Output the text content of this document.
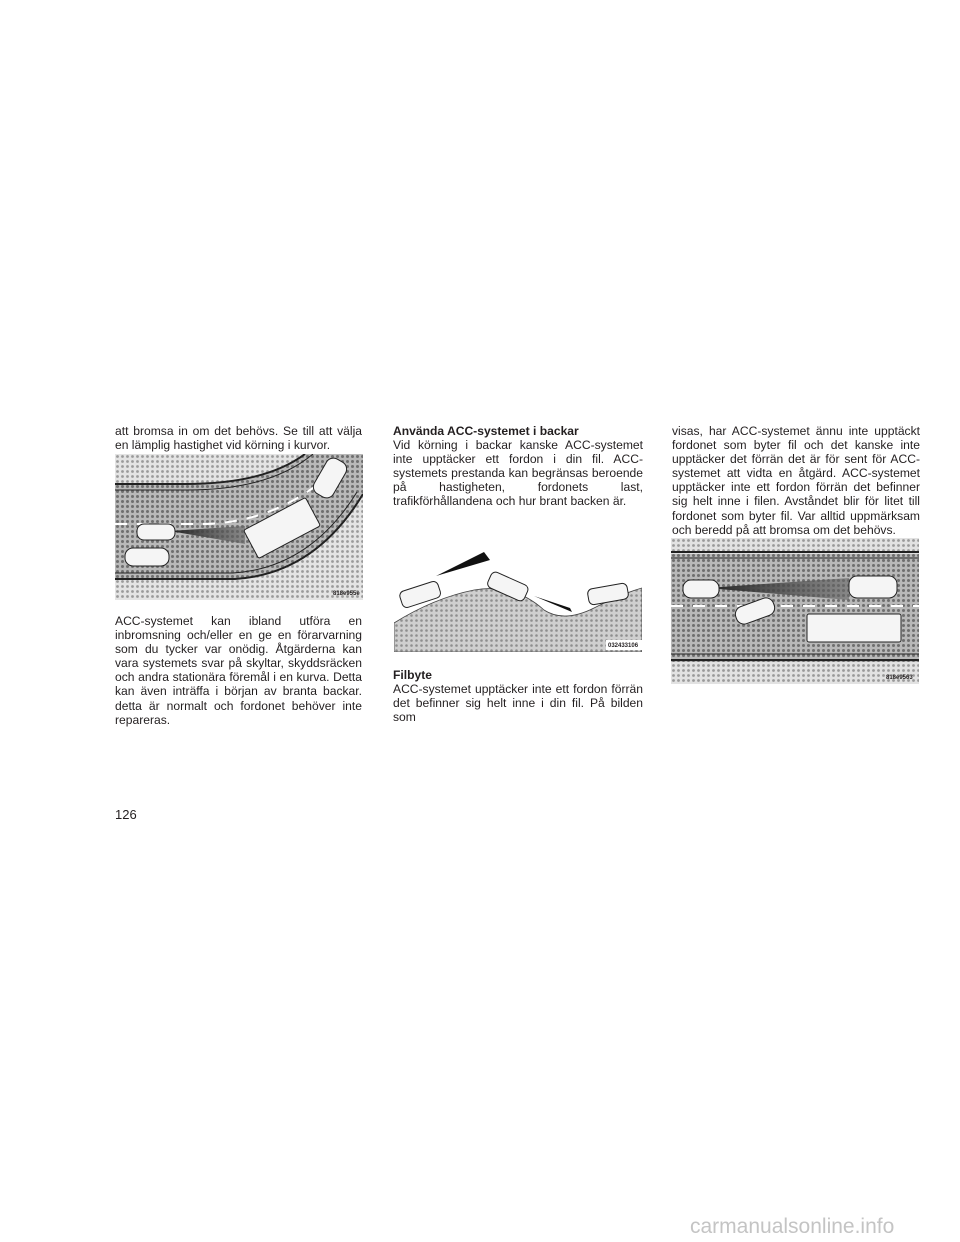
att bromsa in om det behövs. Se till att välja en lämplig hastighet vid körning i kurvor.

818e955e

ACC-systemet kan ibland utföra en inbromsning och/eller en ge en förarvarning som du tycker var onödig. Åtgärderna kan vara systemets svar på skyltar, skyddsräcken och andra stationära föremål i en kurva. Detta kan även inträffa i början av branta backar. detta är normalt och fordonet behöver inte repareras.

Använda ACC-systemet i backar

Vid körning i backar kanske ACC-systemet inte upptäcker ett fordon i din fil. ACC-systemets prestanda kan begränsas beroende på hastigheten, fordonets last, trafikförhållandena och hur brant backen är.

032433106
Filbyte

ACC-systemet upptäcker inte ett fordon förrän det befinner sig helt inne i din fil. På bilden som

visas, har ACC-systemet ännu inte upptäckt fordonet som byter fil och det kanske inte upptäcker det förrän det är för sent för ACC-systemet att vidta en åtgärd. ACC-systemet upptäcker inte ett fordon förrän det befinner sig helt inne i filen. Avståndet blir för litet till fordonet som byter fil. Var alltid uppmärksam och beredd på att bromsa om det behövs.

818e9563
126
carmanualsonline.info
